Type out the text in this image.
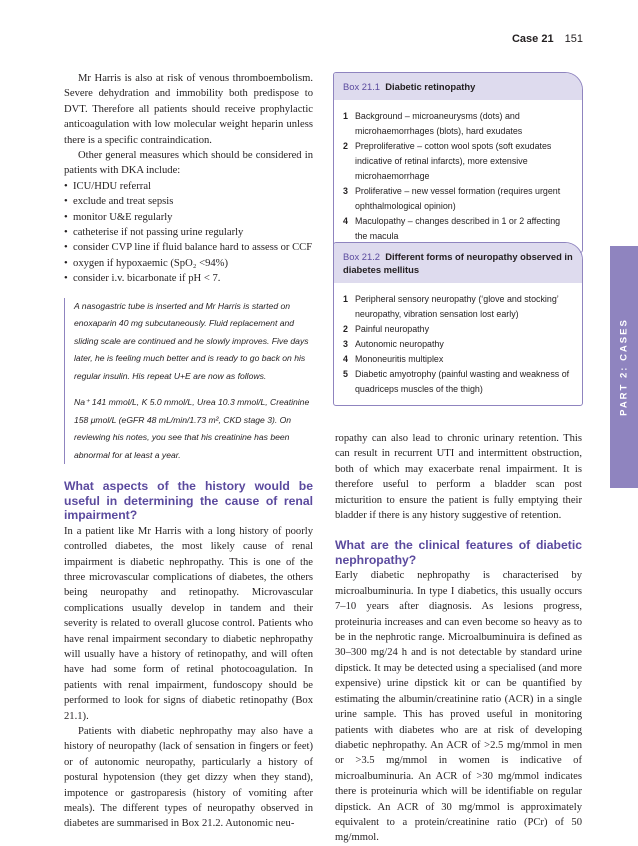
Case 21 151
PART 2: CASES

Mr Harris is also at risk of venous thromboembolism. Severe dehydration and immobility both predispose to DVT. Therefore all patients should receive prophylactic anticoagulation with low molecular weight heparin unless there is a specific contraindication.

Other general measures which should be considered in patients with DKA include:

•  ICU/HDU referral
•  exclude and treat sepsis
•  monitor U&E regularly
•  catheterise if not passing urine regularly
•  consider CVP line if fluid balance hard to assess or CCF
•  oxygen if hypoxaemic (SpO₂ <94%)
•  consider i.v. bicarbonate if pH < 7.

A nasogastric tube is inserted and Mr Harris is started on enoxaparin 40 mg subcutaneously. Fluid replacement and sliding scale are continued and he slowly improves. Five days later, he is feeling much better and is ready to go back on his regular insulin. His repeat U+E are now as follows.

Na⁺ 141 mmol/L, K 5.0 mmol/L, Urea 10.3 mmol/L, Creatinine 158 μmol/L (eGFR 48 mL/min/1.73 m², CKD stage 3). On reviewing his notes, you see that his creatinine has been abnormal for at least a year.

What aspects of the history would be useful in determining the cause of renal impairment?

In a patient like Mr Harris with a long history of poorly controlled diabetes, the most likely cause of renal impairment is diabetic nephropathy. This is one of the three microvascular complications of diabetes, the others being neuropathy and retinopathy. Microvascular complications usually develop in tandem and their severity is related to overall glucose control. Patients who have renal impairment secondary to diabetic nephropathy will usually have a history of retinopathy, and will often have had some form of retinal photocoagulation. In patients with renal impairment, fundoscopy should be performed to look for signs of diabetic retinopathy (Box 21.1).

Patients with diabetic nephropathy may also have a history of neuropathy (lack of sensation in fingers or feet) or of autonomic neuropathy, particularly a history of postural hypotension (they get dizzy when they stand), impotence or gastroparesis (history of vomiting after meals). The different types of neuropathy observed in diabetes are summarised in Box 21.2. Autonomic neu-

Box 21.1 Diabetic retinopathy
1 Background – microaneurysms (dots) and microhaemorrhages (blots), hard exudates
2 Preproliferative – cotton wool spots (soft exudates indicative of retinal infarcts), more extensive microhaemorrhage
3 Proliferative – new vessel formation (requires urgent ophthalmological opinion)
4 Maculopathy – changes described in 1 or 2 affecting the macula
Box 21.2 Different forms of neuropathy observed in diabetes mellitus
1 Peripheral sensory neuropathy (‘glove and stocking’ neuropathy, vibration sensation lost early)
2 Painful neuropathy
3 Autonomic neuropathy
4 Mononeuritis multiplex
5 Diabetic amyotrophy (painful wasting and weakness of quadriceps muscles of the thigh)

ropathy can also lead to chronic urinary retention. This can result in recurrent UTI and intermittent obstruction, both of which may exacerbate renal impairment. It is therefore useful to perform a bladder scan post micturition to ensure the patient is fully emptying their bladder if there is any history suggestive of retention.

What are the clinical features of diabetic nephropathy?

Early diabetic nephropathy is characterised by microalbuminuria. In type I diabetics, this usually occurs 7–10 years after diagnosis. As lesions progress, proteinuria increases and can even become so heavy as to be in the nephrotic range. Microalbuminuira is defined as 30–300 mg/24 h and is not detectable by standard urine dipstick. It may be detected using a specialised (and more expensive) urine dipstick kit or can be quantified by estimating the albumin/creatinine ratio (ACR) in a single urine sample. This has proved useful in monitoring patients with diabetes who are at risk of developing diabetic nephropathy. An ACR of >2.5 mg/mmol in men or >3.5 mg/mmol in women is indicative of microalbuminuria. An ACR of >30 mg/mmol indicates there is proteinuria which will be identifiable on regular dipstick. An ACR of 30 mg/mmol is approximately equivalent to a protein/creatinine ratio (PCr) of 50 mg/mmol.
